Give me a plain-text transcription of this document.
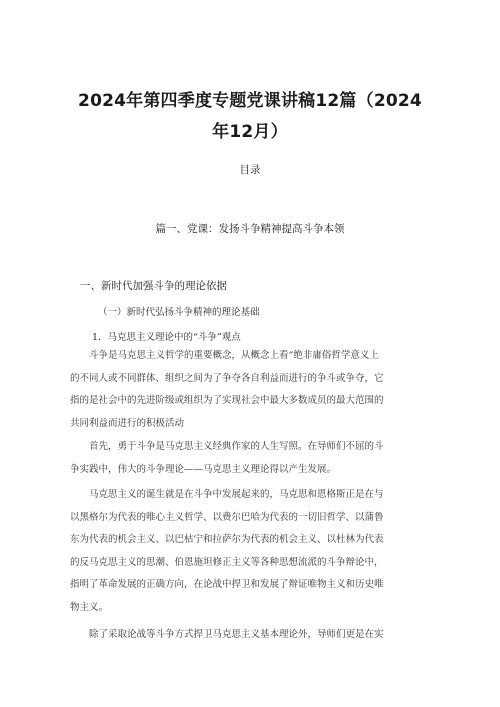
2024年第四季度专题党课讲稿12篇（2024
年12月）
目录
篇一、党课：发扬斗争精神提高斗争本领
一、新时代加强斗争的理论依据
（一）新时代弘扬斗争精神的理论基础
1．马克思主义理论中的“斗争”观点
斗争是马克思主义哲学的重要概念，从概念上看“绝非庸俗哲学意义上
的不同人或不同群体、组织之间为了争夺各自利益而进行的争斗或争夺，它
指的是社会中的先进阶级或组织为了实现社会中最大多数成员的最大范围的
共同利益而进行的积极活动
首先，勇于斗争是马克思主义经典作家的人生写照。在导师们不屈的斗
争实践中，伟大的斗争理论——马克思主义理论得以产生发展。
马克思主义的诞生就是在斗争中发展起来的，马克思和恩格斯正是在与
以黑格尔为代表的唯心主义哲学、以费尔巴哈为代表的一切旧哲学、以蒲鲁
东为代表的机会主义、以巴枯宁和拉萨尔为代表的机会主义、以杜林为代表
的反马克思主义的思潮、伯恩施坦修正主义等各种思想流派的斗争辩论中，
指明了革命发展的正确方向，在论战中捍卫和发展了辩证唯物主义和历史唯
物主义。
除了采取论战等斗争方式捍卫马克思主义基本理论外，导师们更是在实
